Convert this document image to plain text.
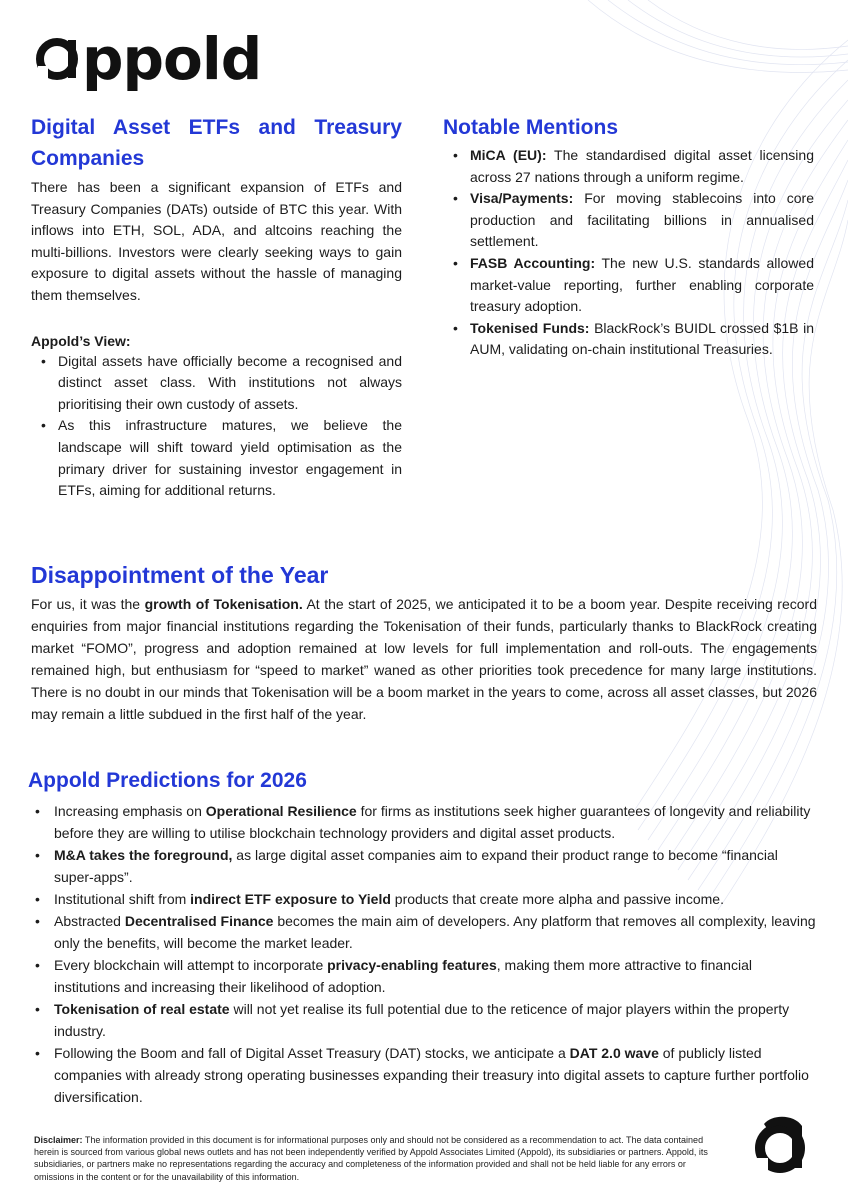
ppold
Digital Asset ETFs and Treasury
Companies

There has been a significant expansion of ETFs and Treasury Companies (DATs) outside of BTC this year. With inflows into ETH, SOL, ADA, and altcoins reaching the multi-billions. Investors were clearly seeking ways to gain exposure to digital assets without the hassle of managing them themselves.

Appold’s View:
• Digital assets have officially become a recognised and distinct asset class. With institutions not always prioritising their own custody of assets.
• As this infrastructure matures, we believe the landscape will shift toward yield optimisation as the primary driver for sustaining investor engagement in ETFs, aiming for additional returns.
Notable Mentions
• MiCA (EU): The standardised digital asset licensing across 27 nations through a uniform regime.
• Visa/Payments: For moving stablecoins into core production and facilitating billions in annualised settlement.
• FASB Accounting: The new U.S. standards allowed market-value reporting, further enabling corporate treasury adoption.
• Tokenised Funds: BlackRock’s BUIDL crossed $1B in AUM, validating on-chain institutional Treasuries.
Disappointment of the Year

For us, it was the growth of Tokenisation. At the start of 2025, we anticipated it to be a boom year. Despite receiving record enquiries from major financial institutions regarding the Tokenisation of their funds, particularly thanks to BlackRock creating market “FOMO”, progress and adoption remained at low levels for full implementation and roll-outs. The engagements remained high, but enthusiasm for “speed to market” waned as other priorities took precedence for many large institutions. There is no doubt in our minds that Tokenisation will be a boom market in the years to come, across all asset classes, but 2026 may remain a little subdued in the first half of the year.

Appold Predictions for 2026
• Increasing emphasis on Operational Resilience for firms as institutions seek higher guarantees of longevity and reliability before they are willing to utilise blockchain technology providers and digital asset products.
• M&A takes the foreground, as large digital asset companies aim to expand their product range to become “financial super-apps”.
• Institutional shift from indirect ETF exposure to Yield products that create more alpha and passive income.
• Abstracted Decentralised Finance becomes the main aim of developers. Any platform that removes all complexity, leaving only the benefits, will become the market leader.
• Every blockchain will attempt to incorporate privacy-enabling features, making them more attractive to financial institutions and increasing their likelihood of adoption.
• Tokenisation of real estate will not yet realise its full potential due to the reticence of major players within the property industry.
• Following the Boom and fall of Digital Asset Treasury (DAT) stocks, we anticipate a DAT 2.0 wave of publicly listed companies with already strong operating businesses expanding their treasury into digital assets to capture further portfolio diversification.
Disclaimer: The information provided in this document is for informational purposes only and should not be considered as a recommendation to act. The data contained herein is sourced from various global news outlets and has not been independently verified by Appold Associates Limited (Appold), its subsidiaries or partners. Appold, its subsidiaries, or partners make no representations regarding the accuracy and completeness of the information provided and shall not be held liable for any errors or omissions in the content or for the unavailability of this information.
